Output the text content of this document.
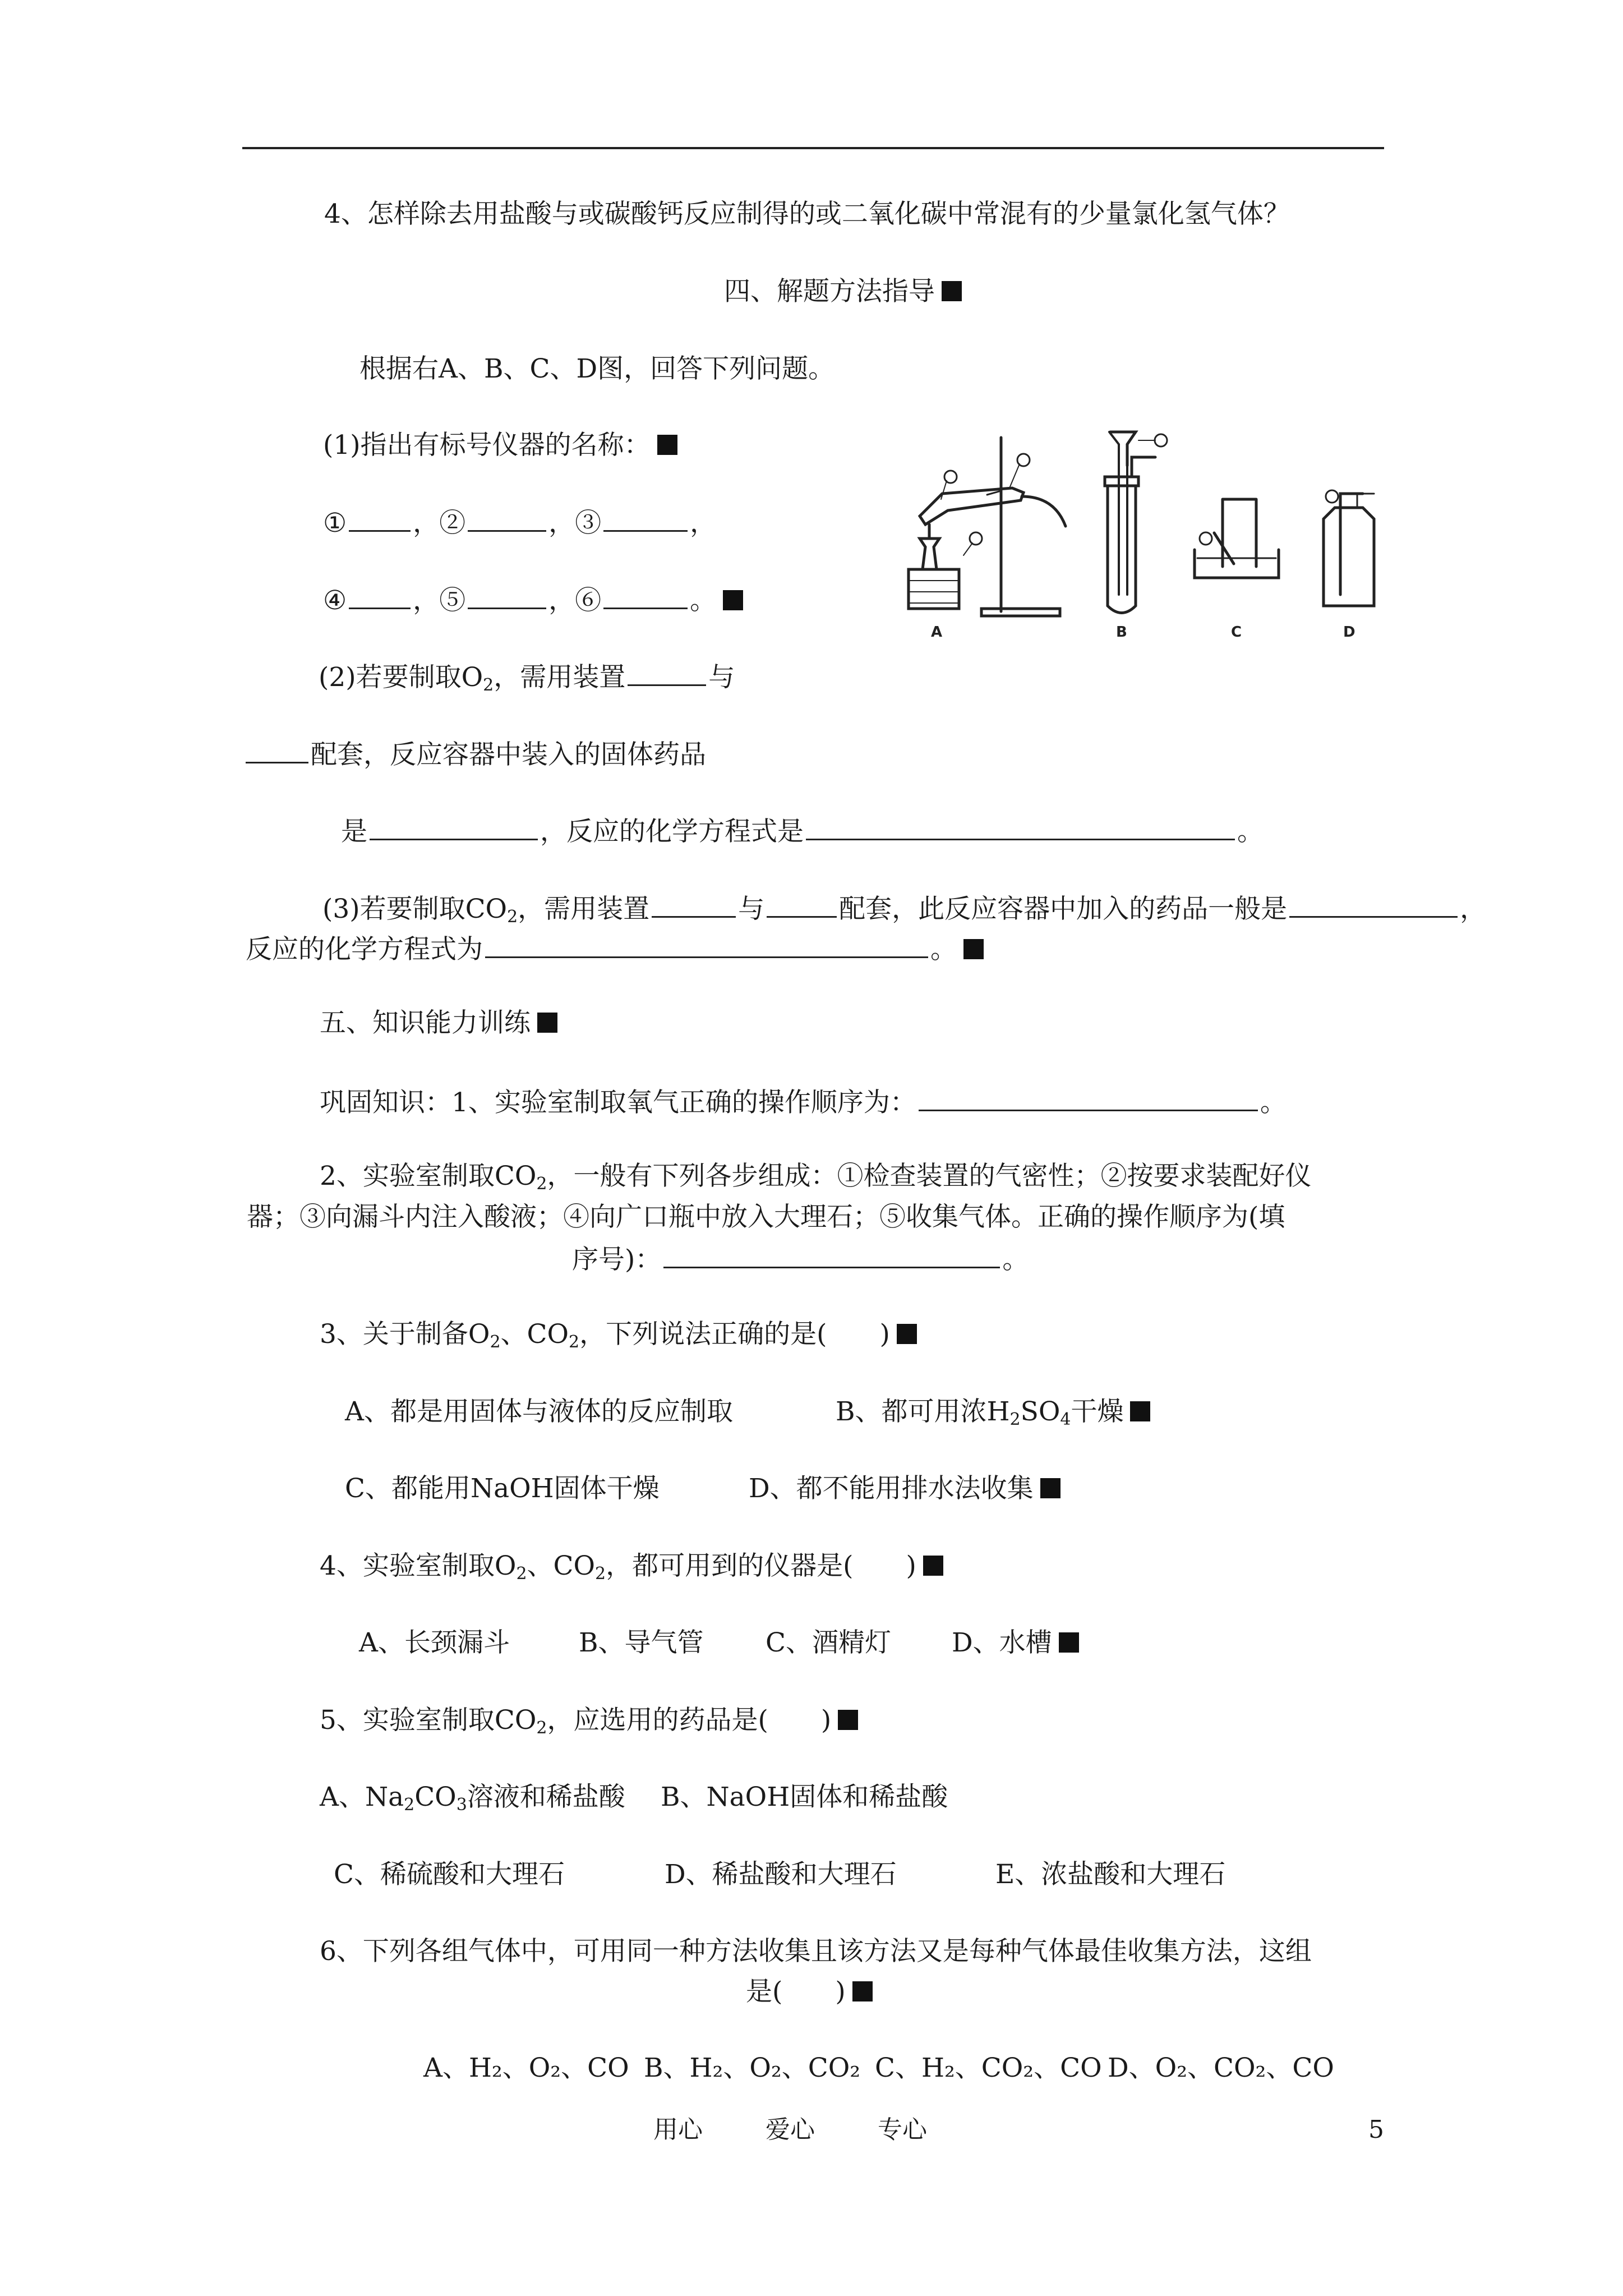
4、怎样除去用盐酸与或碳酸钙反应制得的或二氧化碳中常混有的少量氯化氢气体？
四、解题方法指导
根据右A、B、C、D图，回答下列问题。
(1)指出有标号仪器的名称：
①	，②	，③	，
④	，⑤	，⑥	。
A	B	C	D
(2)若要制取$O_2$，需用装置	与
配套，反应容器中装入的固体药品
是	，反应的化学方程式是	。
(3)若要制取$CO_2$，需用装置	与	配套，此反应容器中加入的药品一般是	，
反应的化学方程式为	。
五、知识能力训练
巩固知识：1、实验室制取氧气正确的操作顺序为：	。
2、实验室制取$CO_2$，一般有下列各步组成：①检查装置的气密性；②按要求装配好仪
器；③向漏斗内注入酸液；④向广口瓶中放入大理石；⑤收集气体。正确的操作顺序为(填
序号)：	。
3、关于制备$O_2$、$CO_2$，下列说法正确的是(　　)
A、都是用固体与液体的反应制取	B、都可用浓$H_2SO_4$干燥
C、都能用NaOH固体干燥	D、都不能用排水法收集
4、实验室制取$O_2$、$CO_2$，都可用到的仪器是(　　)
A、长颈漏斗	B、导气管 C、酒精灯 D、水槽
5、实验室制取$CO_2$，应选用的药品是(　　)
A、$Na_2CO_3$溶液和稀盐酸 B、NaOH固体和稀盐酸
C、稀硫酸和大理石	D、稀盐酸和大理石	E、浓盐酸和大理石
6、下列各组气体中，可用同一种方法收集且该方法又是每种气体最佳收集方法，这组
是(　　)
A、H₂、O₂、CO B、H₂、O₂、CO₂ C、H₂、CO₂、CO D、O₂、CO₂、CO
用心	爱心	专心	5
